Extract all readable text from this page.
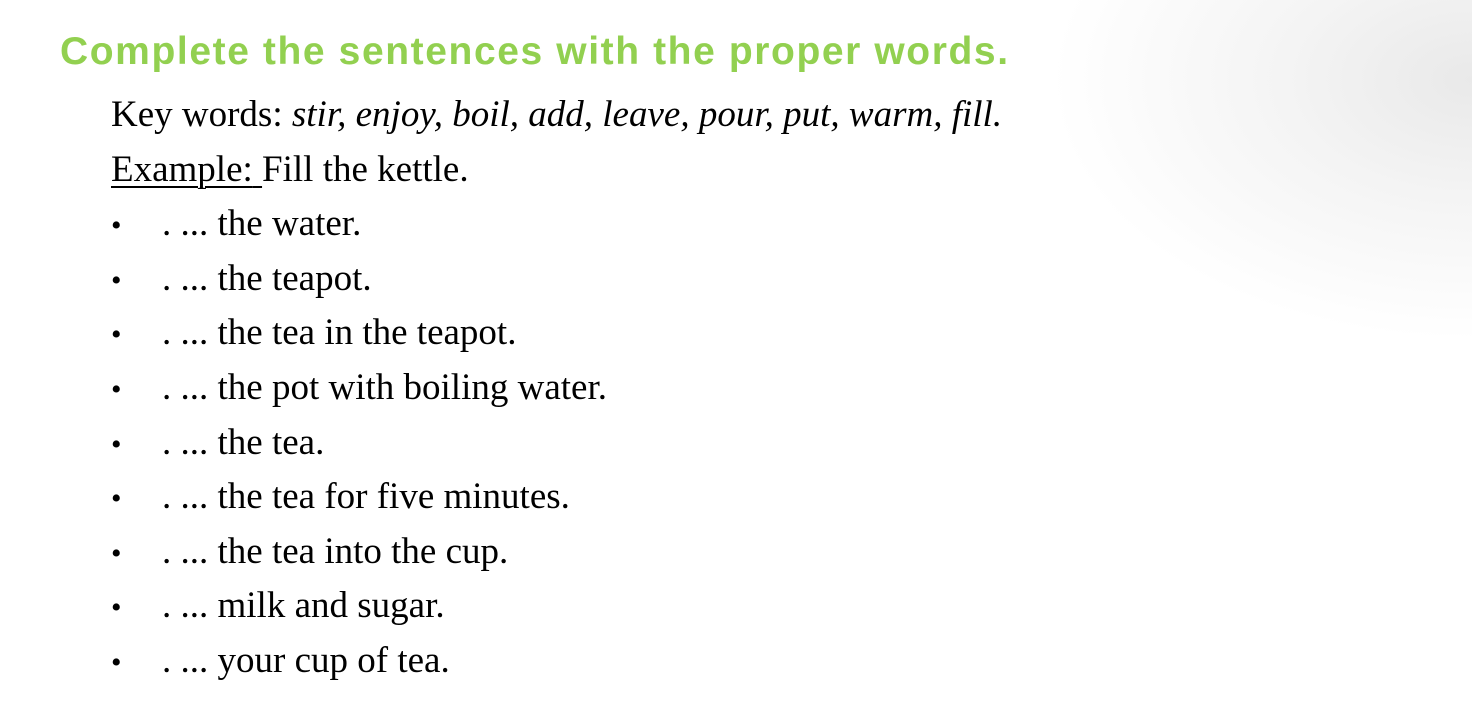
Complete the sentences with the proper words.
Key words: stir, enjoy, boil, add, leave, pour, put, warm, fill.
Example: Fill the kettle.
•	. ... the water.
•	. ... the teapot.
•	. ... the tea in the teapot.
•	. ... the pot with boiling water.
•	. ... the tea.
•	. ... the tea for five minutes.
•	. ... the tea into the cup.
•	. ... milk and sugar.
•	. ... your cup of tea.
